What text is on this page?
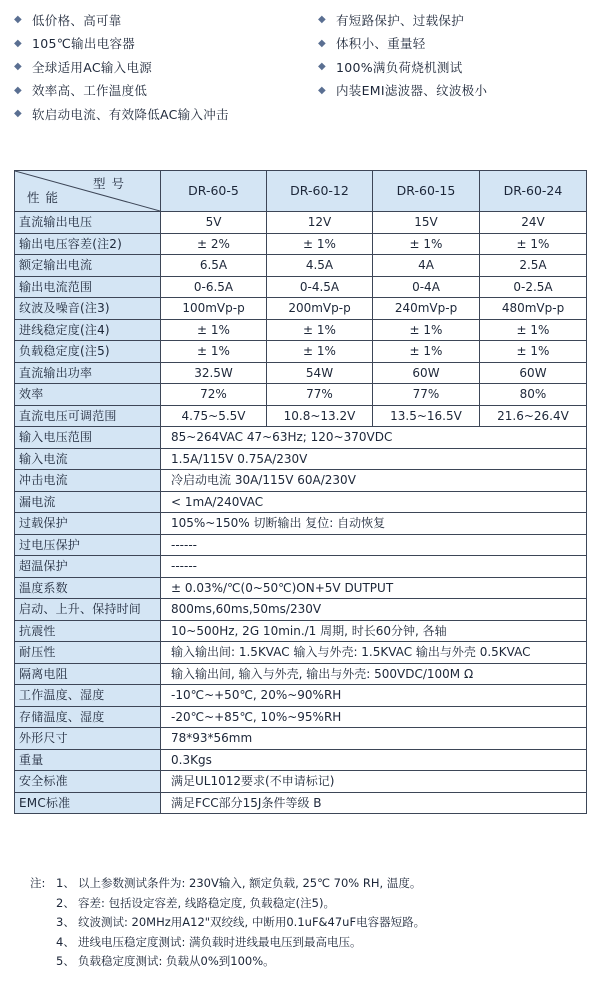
◆ 低价格、高可靠
◆ 105℃输出电容器
◆ 全球适用AC输入电源
◆ 效率高、工作温度低
◆ 软启动电流、有效降低AC输入冲击
◆ 有短路保护、过载保护
◆ 体积小、重量轻
◆ 100%满负荷烧机测试
◆ 内装EMI滤波器、纹波极小
型号
性能	DR-60-5	DR-60-12	DR-60-15	DR-60-24
直流输出电压	5V	12V	15V	24V
输出电压容差(注2)	± 2%	± 1%	± 1%	± 1%
额定输出电流	6.5A	4.5A	4A	2.5A
输出电流范围	0-6.5A	0-4.5A	0-4A	0-2.5A
纹波及噪音(注3)	100mVp-p	200mVp-p	240mVp-p	480mVp-p
进线稳定度(注4)	± 1%	± 1%	± 1%	± 1%
负载稳定度(注5)	± 1%	± 1%	± 1%	± 1%
直流输出功率	32.5W	54W	60W	60W
效率	72%	77%	77%	80%
直流电压可调范围	4.75~5.5V	10.8~13.2V	13.5~16.5V	21.6~26.4V
输入电压范围	85~264VAC 47~63Hz; 120~370VDC			
输入电流	1.5A/115V 0.75A/230V			
冲击电流	冷启动电流 30A/115V 60A/230V			
漏电流	< 1mA/240VAC			
过载保护	105%~150% 切断输出 复位: 自动恢复			
过电压保护	------			
超温保护	------			
温度系数	± 0.03%/℃(0~50℃)ON+5V DUTPUT			
启动、上升、保持时间	800ms,60ms,50ms/230V			
抗震性	10~500Hz, 2G 10min./1 周期, 时长60分钟, 各轴			
耐压性	输入输出间: 1.5KVAC 输入与外壳: 1.5KVAC 输出与外壳 0.5KVAC			
隔离电阻	输入输出间, 输入与外壳, 输出与外壳: 500VDC/100M Ω			
工作温度、湿度	-10℃~+50℃, 20%~90%RH			
存储温度、湿度	-20℃~+85℃, 10%~95%RH			
外形尺寸	78*93*56mm			
重量	0.3Kgs			
安全标准	满足UL1012要求(不申请标记)			
EMC标准	满足FCC部分15J条件等级 B			
注: 1、 以上参数测试条件为: 230V输入, 额定负载, 25℃ 70% RH, 温度。
2、 容差: 包括设定容差, 线路稳定度, 负载稳定(注5)。
3、 纹波测试: 20MHz用A12"双绞线, 中断用0.1uF&47uF电容器短路。
4、 进线电压稳定度测试: 满负载时进线最电压到最高电压。
5、 负载稳定度测试: 负载从0%到100%。
